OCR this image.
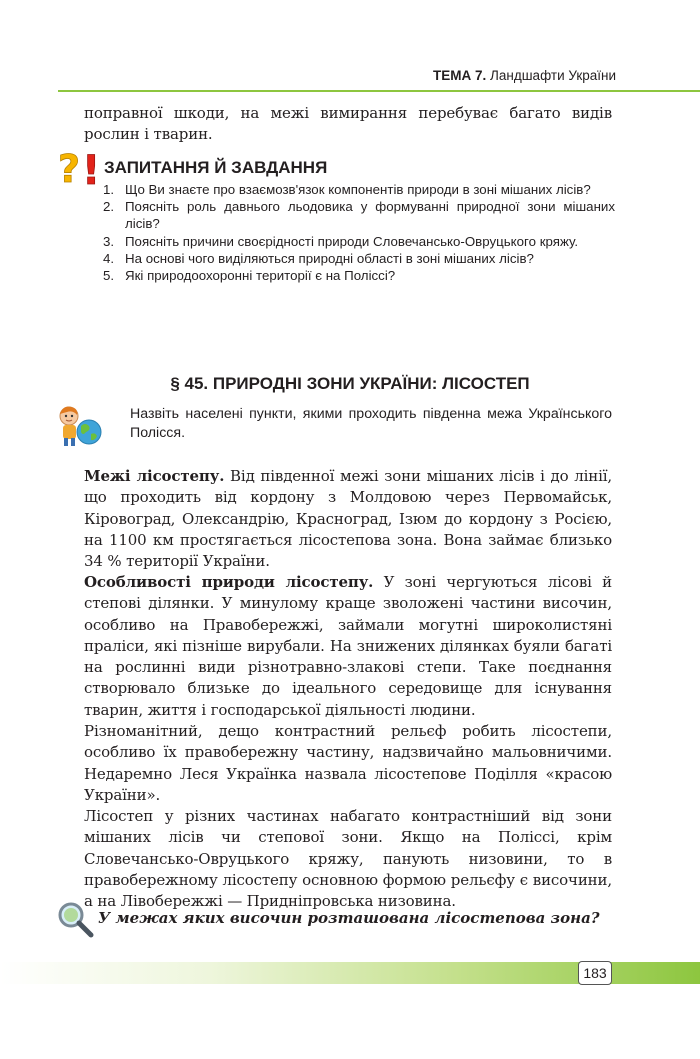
ТЕМА 7. Ландшафти України
поправної шкоди, на межі вимирання перебуває багато видів рослин і тварин.
? ! ЗАПИТАННЯ Й ЗАВДАННЯ
1. Що Ви знаєте про взаємозв'язок компонентів природи в зоні мішаних лісів?
2. Поясніть роль давнього льодовика у формуванні природної зони мішаних лісів?
3. Поясніть причини своєрідності природи Словечансько-Овруцького кряжу.
4. На основі чого виділяються природні області в зоні мішаних лісів?
5. Які природоохоронні території є на Поліссі?
§ 45. ПРИРОДНІ ЗОНИ УКРАЇНИ: ЛІСОСТЕП
Назвіть населені пункти, якими проходить південна межа Українського Полісся.
Межі лісостепу. Від південної межі зони мішаних лісів і до лінії, що проходить від кордону з Молдовою через Первомайськ, Кіровоград, Олександрію, Красноград, Ізюм до кордону з Росією, на 1100 км простягається лісостепова зона. Вона займає близько 34 % території України.
Особливості природи лісостепу. У зоні чергуються лісові й степові ділянки. У минулому краще зволожені частини височин, особливо на Правобережжі, займали могутні широколистяні праліси, які пізніше вирубали. На знижених ділянках буяли багаті на рослинні види різнотравно-злакові степи. Таке поєднання створювало близьке до ідеального середовище для існування тварин, життя і господарської діяльності людини.
Різноманітний, дещо контрастний рельєф робить лісостепи, особливо їх правобережну частину, надзвичайно мальовничими. Недаремно Леся Українка назвала лісостепове Поділля «красою України».
Лісостеп у різних частинах набагато контрастніший від зони мішаних лісів чи степової зони. Якщо на Поліссі, крім Словечансько-Овруцького кряжу, панують низовини, то в правобережному лісостепу основною формою рельєфу є височини, а на Лівобережжі — Придніпровська низовина.
У межах яких височин розташована лісостепова зона?
183
